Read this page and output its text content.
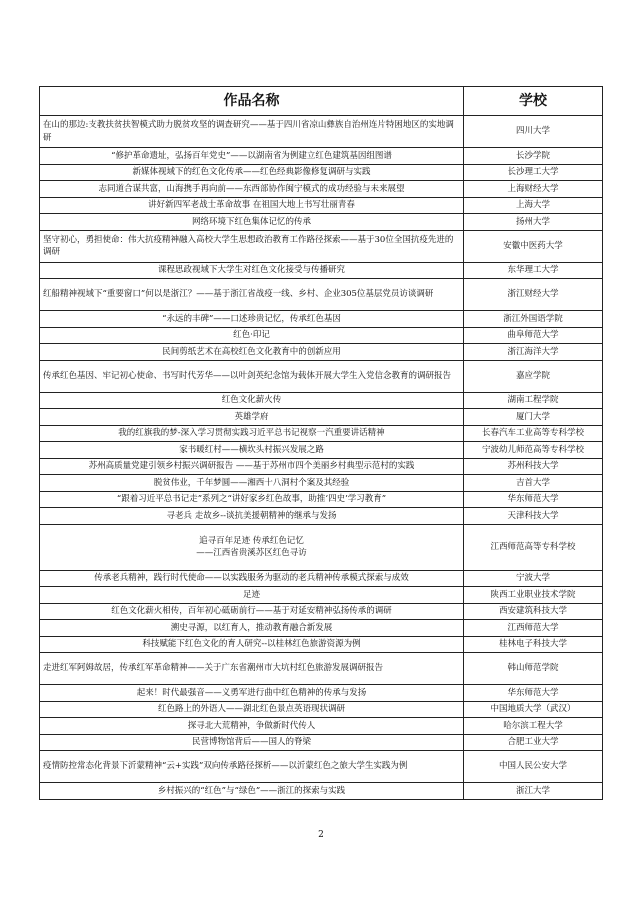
作品名称	学校
在山的那边:支教扶贫扶智模式助力脱贫攻坚的调查研究——基于四川省凉山彝族自治州连片特困地区的实地调研	四川大学
“修护革命遗址，弘扬百年党史”——以湖南省为例建立红色建筑基因组图谱	长沙学院
新媒体视域下的红色文化传承——红色经典影像修复调研与实践	长沙理工大学
志同道合谋共富，山海携手再向前——东西部协作闽宁模式的成功经验与未来展望	上海财经大学
讲好新四军老战士革命故事 在祖国大地上书写壮丽青春	上海大学
网络环境下红色集体记忆的传承	扬州大学
坚守初心，勇担使命：伟大抗疫精神融入高校大学生思想政治教育工作路径探索——基于30位全国抗疫先进的调研	安徽中医药大学
课程思政视域下大学生对红色文化接受与传播研究	东华理工大学
红船精神视域下“重要窗口”何以是浙江？——基于浙江省战疫一线、乡村、企业305位基层党员访谈调研	浙江财经大学
“永远的丰碑”——口述珍贵记忆，传承红色基因	浙江外国语学院
红色·印记	曲阜师范大学
民间剪纸艺术在高校红色文化教育中的创新应用	浙江海洋大学
传承红色基因、牢记初心使命、书写时代芳华——以叶剑英纪念馆为载体开展大学生入党信念教育的调研报告	嘉应学院
红色文化薪火传	湖南工程学院
英雄学府	厦门大学
我的红旗我的梦-深入学习贯彻实践习近平总书记视察一汽重要讲话精神	长春汽车工业高等专科学校
家书暖红村——横坎头村振兴发展之路	宁波幼儿师范高等专科学校
苏州高质量党建引领乡村振兴调研报告 ——基于苏州市四个美丽乡村典型示范村的实践	苏州科技大学
脱贫伟业，千年梦圆——湘西十八洞村个案及其经验	吉首大学
“跟着习近平总书记走”系列之“讲好家乡红色故事，助推‘四史’学习教育”	华东师范大学
寻老兵 走故乡--谈抗美援朝精神的继承与发扬	天津科技大学
追寻百年足迹 传承红色记忆
——江西省贵溪苏区红色寻访	江西师范高等专科学校
传承老兵精神，践行时代使命——以实践服务为驱动的老兵精神传承模式探索与成效	宁波大学
足迹	陕西工业职业技术学院
红色文化薪火相传，百年初心砥砺前行——基于对延安精神弘扬传承的调研	西安建筑科技大学
溯史寻源，以红育人，推动教育融合新发展	江西师范大学
科技赋能下红色文化的育人研究--以桂林红色旅游资源为例	桂林电子科技大学
走进红军阿姆故居，传承红军革命精神——关于广东省潮州市大坑村红色旅游发展调研报告	韩山师范学院
起来！时代最强音——义勇军进行曲中红色精神的传承与发扬	华东师范大学
红色路上的外语人——湖北红色景点英语现状调研	中国地质大学（武汉）
探寻北大荒精神，争做新时代传人	哈尔滨工程大学
民营博物馆背后——国人的脊梁	合肥工业大学
疫情防控常态化背景下沂蒙精神“云+实践”双向传承路径探析——以沂蒙红色之旅大学生实践为例	中国人民公安大学
乡村振兴的“红色”与“绿色”——浙江的探索与实践	浙江大学
2
